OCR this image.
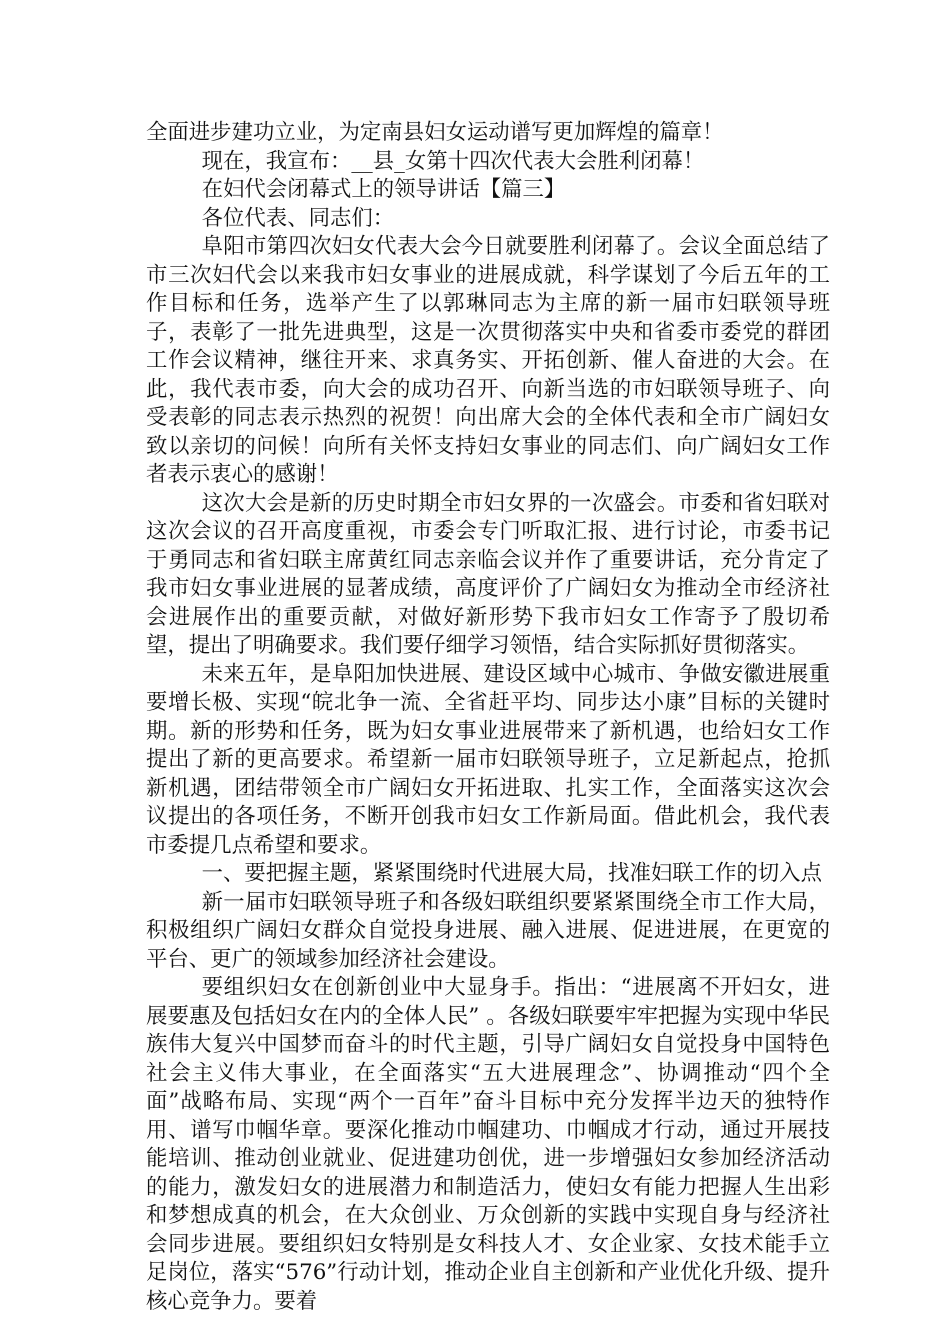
全面进步建功立业，为定南县妇女运动谱写更加辉煌的篇章！

现在，我宣布：__县_女第十四次代表大会胜利闭幕！

在妇代会闭幕式上的领导讲话【篇三】

各位代表、同志们：

阜阳市第四次妇女代表大会今日就要胜利闭幕了。会议全面总结了市三次妇代会以来我市妇女事业的进展成就，科学谋划了今后五年的工作目标和任务，选举产生了以郭琳同志为主席的新一届市妇联领导班子，表彰了一批先进典型，这是一次贯彻落实中央和省委市委党的群团工作会议精神，继往开来、求真务实、开拓创新、催人奋进的大会。在此，我代表市委，向大会的成功召开、向新当选的市妇联领导班子、向受表彰的同志表示热烈的祝贺！向出席大会的全体代表和全市广阔妇女致以亲切的问候！向所有关怀支持妇女事业的同志们、向广阔妇女工作者表示衷心的感谢！

这次大会是新的历史时期全市妇女界的一次盛会。市委和省妇联对这次会议的召开高度重视，市委会专门听取汇报、进行讨论，市委书记于勇同志和省妇联主席黄红同志亲临会议并作了重要讲话，充分肯定了我市妇女事业进展的显著成绩，高度评价了广阔妇女为推动全市经济社会进展作出的重要贡献，对做好新形势下我市妇女工作寄予了殷切希望，提出了明确要求。我们要仔细学习领悟，结合实际抓好贯彻落实。

未来五年，是阜阳加快进展、建设区域中心城市、争做安徽进展重要增长极、实现“皖北争一流、全省赶平均、同步达小康”目标的关键时期。新的形势和任务，既为妇女事业进展带来了新机遇，也给妇女工作提出了新的更高要求。希望新一届市妇联领导班子，立足新起点，抢抓新机遇，团结带领全市广阔妇女开拓进取、扎实工作，全面落实这次会议提出的各项任务，不断开创我市妇女工作新局面。借此机会，我代表市委提几点希望和要求。

一、要把握主题，紧紧围绕时代进展大局，找准妇联工作的切入点

新一届市妇联领导班子和各级妇联组织要紧紧围绕全市工作大局，积极组织广阔妇女群众自觉投身进展、融入进展、促进进展，在更宽的平台、更广的领域参加经济社会建设。

要组织妇女在创新创业中大显身手。指出：“进展离不开妇女，进展要惠及包括妇女在内的全体人民” 。各级妇联要牢牢把握为实现中华民族伟大复兴中国梦而奋斗的时代主题，引导广阔妇女自觉投身中国特色社会主义伟大事业，在全面落实“五大进展理念”、协调推动“四个全面”战略布局、实现“两个一百年”奋斗目标中充分发挥半边天的独特作用、谱写巾帼华章。要深化推动巾帼建功、巾帼成才行动，通过开展技能培训、推动创业就业、促进建功创优，进一步增强妇女参加经济活动的能力，激发妇女的进展潜力和制造活力，使妇女有能力把握人生出彩和梦想成真的机会，在大众创业、万众创新的实践中实现自身与经济社会同步进展。要组织妇女特别是女科技人才、女企业家、女技术能手立足岗位，落实“576”行动计划，推动企业自主创新和产业优化升级、提升核心竞争力。要着
